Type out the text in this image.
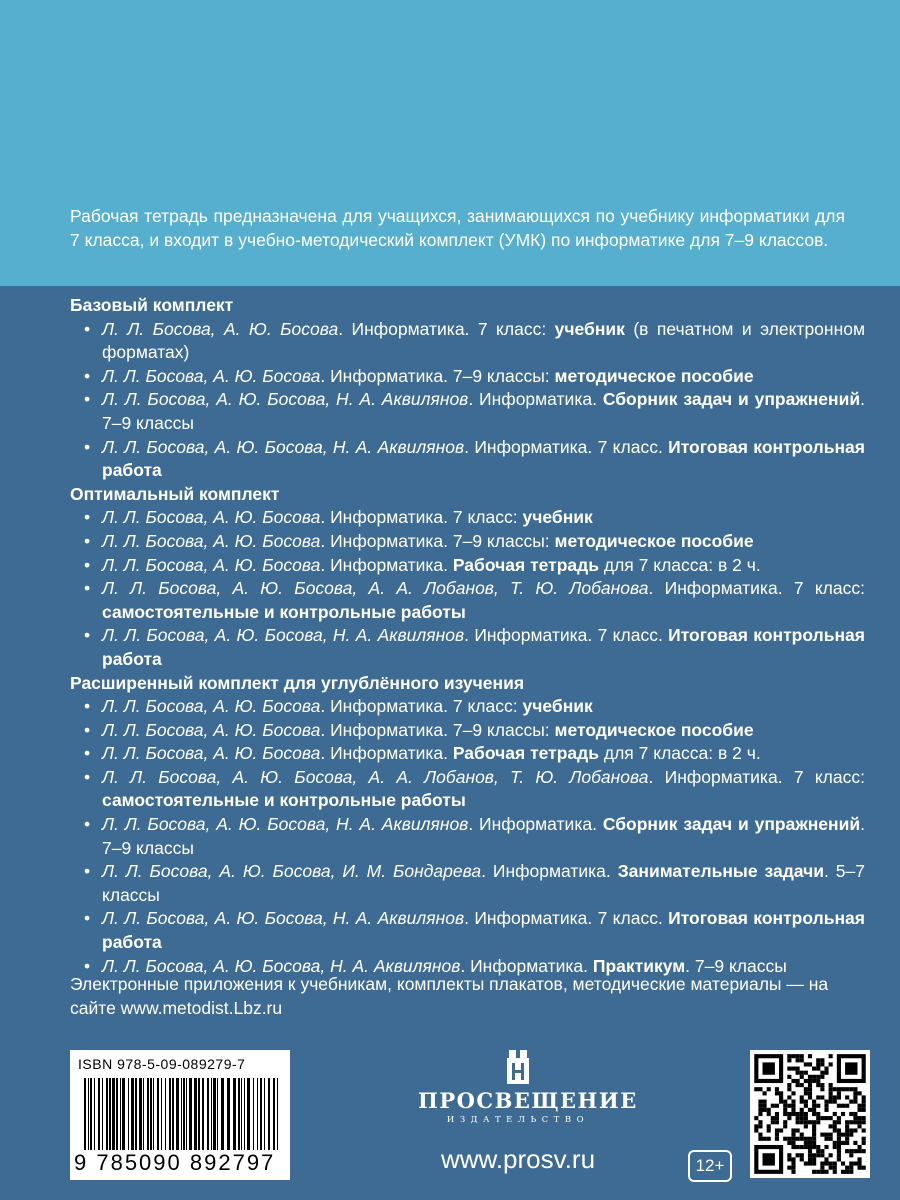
Рабочая тетрадь предназначена для учащихся, занимающихся по учебнику информатики для 7 класса, и входит в учебно-методический комплект (УМК) по информатике для 7–9 классов.
Базовый комплект
• Л. Л. Босова, А. Ю. Босова. Информатика. 7 класс: учебник (в печатном и электронном форматах)
• Л. Л. Босова, А. Ю. Босова. Информатика. 7–9 классы: методическое пособие
• Л. Л. Босова, А. Ю. Босова, Н. А. Аквилянов. Информатика. Сборник задач и упражнений. 7–9 классы
• Л. Л. Босова, А. Ю. Босова, Н. А. Аквилянов. Информатика. 7 класс. Итоговая контрольная работа
Оптимальный комплект
• Л. Л. Босова, А. Ю. Босова. Информатика. 7 класс: учебник
• Л. Л. Босова, А. Ю. Босова. Информатика. 7–9 классы: методическое пособие
• Л. Л. Босова, А. Ю. Босова. Информатика. Рабочая тетрадь для 7 класса: в 2 ч.
• Л. Л. Босова, А. Ю. Босова, А. А. Лобанов, Т. Ю. Лобанова. Информатика. 7 класс: самостоятельные и контрольные работы
• Л. Л. Босова, А. Ю. Босова, Н. А. Аквилянов. Информатика. 7 класс. Итоговая контрольная работа
Расширенный комплект для углублённого изучения
• Л. Л. Босова, А. Ю. Босова. Информатика. 7 класс: учебник
• Л. Л. Босова, А. Ю. Босова. Информатика. 7–9 классы: методическое пособие
• Л. Л. Босова, А. Ю. Босова. Информатика. Рабочая тетрадь для 7 класса: в 2 ч.
• Л. Л. Босова, А. Ю. Босова, А. А. Лобанов, Т. Ю. Лобанова. Информатика. 7 класс: самостоятельные и контрольные работы
• Л. Л. Босова, А. Ю. Босова, Н. А. Аквилянов. Информатика. Сборник задач и упражнений. 7–9 классы
• Л. Л. Босова, А. Ю. Босова, И. М. Бондарева. Информатика. Занимательные задачи. 5–7 классы
• Л. Л. Босова, А. Ю. Босова, Н. А. Аквилянов. Информатика. 7 класс. Итоговая контрольная работа
• Л. Л. Босова, А. Ю. Босова, Н. А. Аквилянов. Информатика. Практикум. 7–9 классы
Электронные приложения к учебникам, комплекты плакатов, методические материалы — на сайте www.metodist.Lbz.ru
ISBN 978-5-09-089279-7
9 785090 892797
ПРОСВЕЩЕНИЕ
ИЗДАТЕЛЬСТВО
www.prosv.ru	12+
